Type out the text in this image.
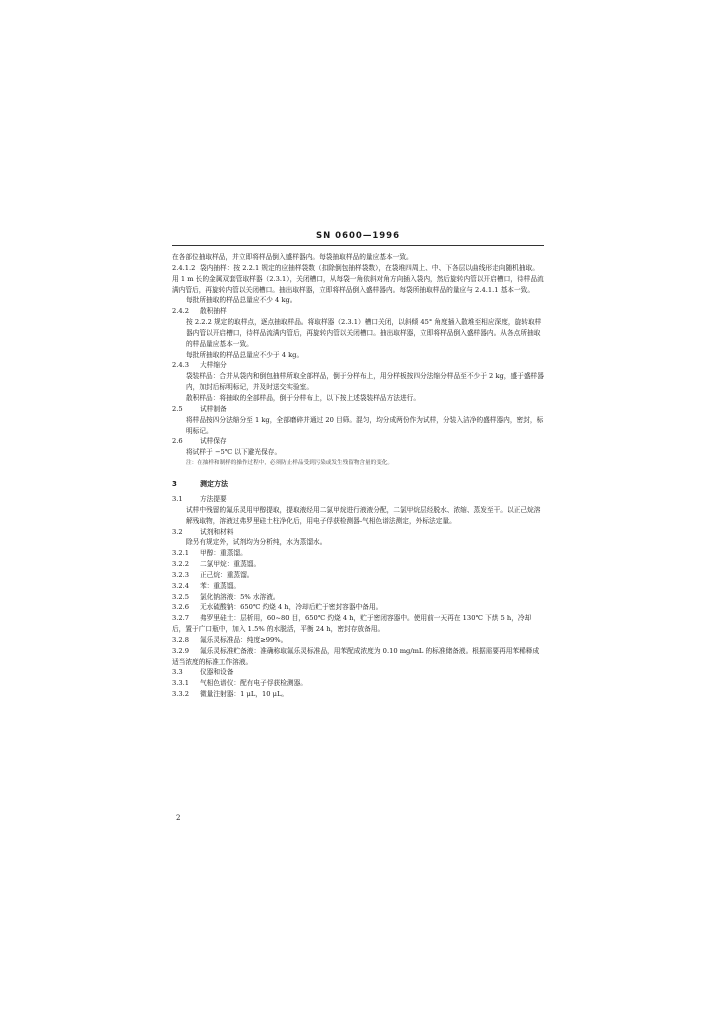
SN 0600—1996
在各部位抽取样品，并立即将样品倒入盛样器内。每袋抽取样品的量应基本一致。
2.4.1.2 袋内抽样：按 2.2.1 规定的应抽样袋数（扣除倒包抽样袋数），在袋堆四周上、中、下各层以曲线形走向随机抽取。用 1 m 长的金属双套管取样器（2.3.1），关闭槽口，从每袋一角依斜对角方向插入袋内，然后旋转内管以开启槽口，待样品流满内管后，再旋转内管以关闭槽口。抽出取样器，立即将样品倒入盛样器内。每袋所抽取样品的量应与 2.4.1.1 基本一致。
每批所抽取的样品总量应不少 4 kg。
2.4.2 散积抽样
按 2.2.2 规定的取样点，逐点抽取样品。将取样器（2.3.1）槽口关闭，以斜倾 45° 角度插入散堆至相应深度，旋转取样器内管以开启槽口，待样品流满内管后，再旋转内管以关闭槽口。抽出取样器，立即将样品倒入盛样器内。从各点所抽取的样品量应基本一致。
每批所抽取的样品总量应不少于 4 kg。
2.4.3 大样缩分
袋装样品：合并从袋内和倒包抽样所取全部样品，倒于分样布上，用分样板按四分法缩分样品至不少于 2 kg，盛于盛样器内，加封后标明标记，并及时送交实验室。
散积样品：将抽取的全部样品，倒于分样布上，以下按上述袋装样品方法进行。
2.5	试样制备
将样品按四分法缩分至 1 kg，全部磨碎并通过 20 目筛。混匀，均分成两份作为试样，分装入洁净的盛样器内，密封，标明标记。
2.6	试样保存
将试样于 −5℃ 以下避光保存。
注：在抽样和制样的操作过程中，必须防止样品受到污染或发生残留物含量的变化。
3	测定方法
3.1	方法提要
试样中残留的氟乐灵用甲醇提取，提取液经用二氯甲烷进行液液分配，二氯甲烷层经脱水、浓缩、蒸发至干。以正己烷溶解残取物，溶液过弗罗里硅土柱净化后，用电子俘获检测器-气相色谱法测定，外标法定量。
3.2	试剂和材料
除另有规定外，试剂均为分析纯，水为蒸馏水。
3.2.1 甲醇：重蒸馏。
3.2.2 二氯甲烷：重蒸馏。
3.2.3 正己烷：重蒸馏。
3.2.4 苯：重蒸馏。
3.2.5 氯化钠溶液：5% 水溶液。
3.2.6 无水硫酸钠：650℃ 灼烧 4 h，冷却后贮于密封容器中备用。
3.2.7 弗罗里硅土：层析用，60~80 目，650℃ 灼烧 4 h，贮于密闭容器中。使用前一天再在 130℃ 下烘 5 h，冷却后，置于广口瓶中，加入 1.5% 的水脱活，平衡 24 h，密封存放备用。
3.2.8 氟乐灵标准品：纯度≥99%。
3.2.9 氟乐灵标准贮备液：准确称取氟乐灵标准品，用苯配成浓度为 0.10 mg/mL 的标准储备液。根据需要再用苯稀释成适当浓度的标准工作溶液。
3.3	仪器和设备
3.3.1 气相色谱仪：配有电子俘获检测器。
3.3.2 微量注射器：1 μL，10 μL。
2
